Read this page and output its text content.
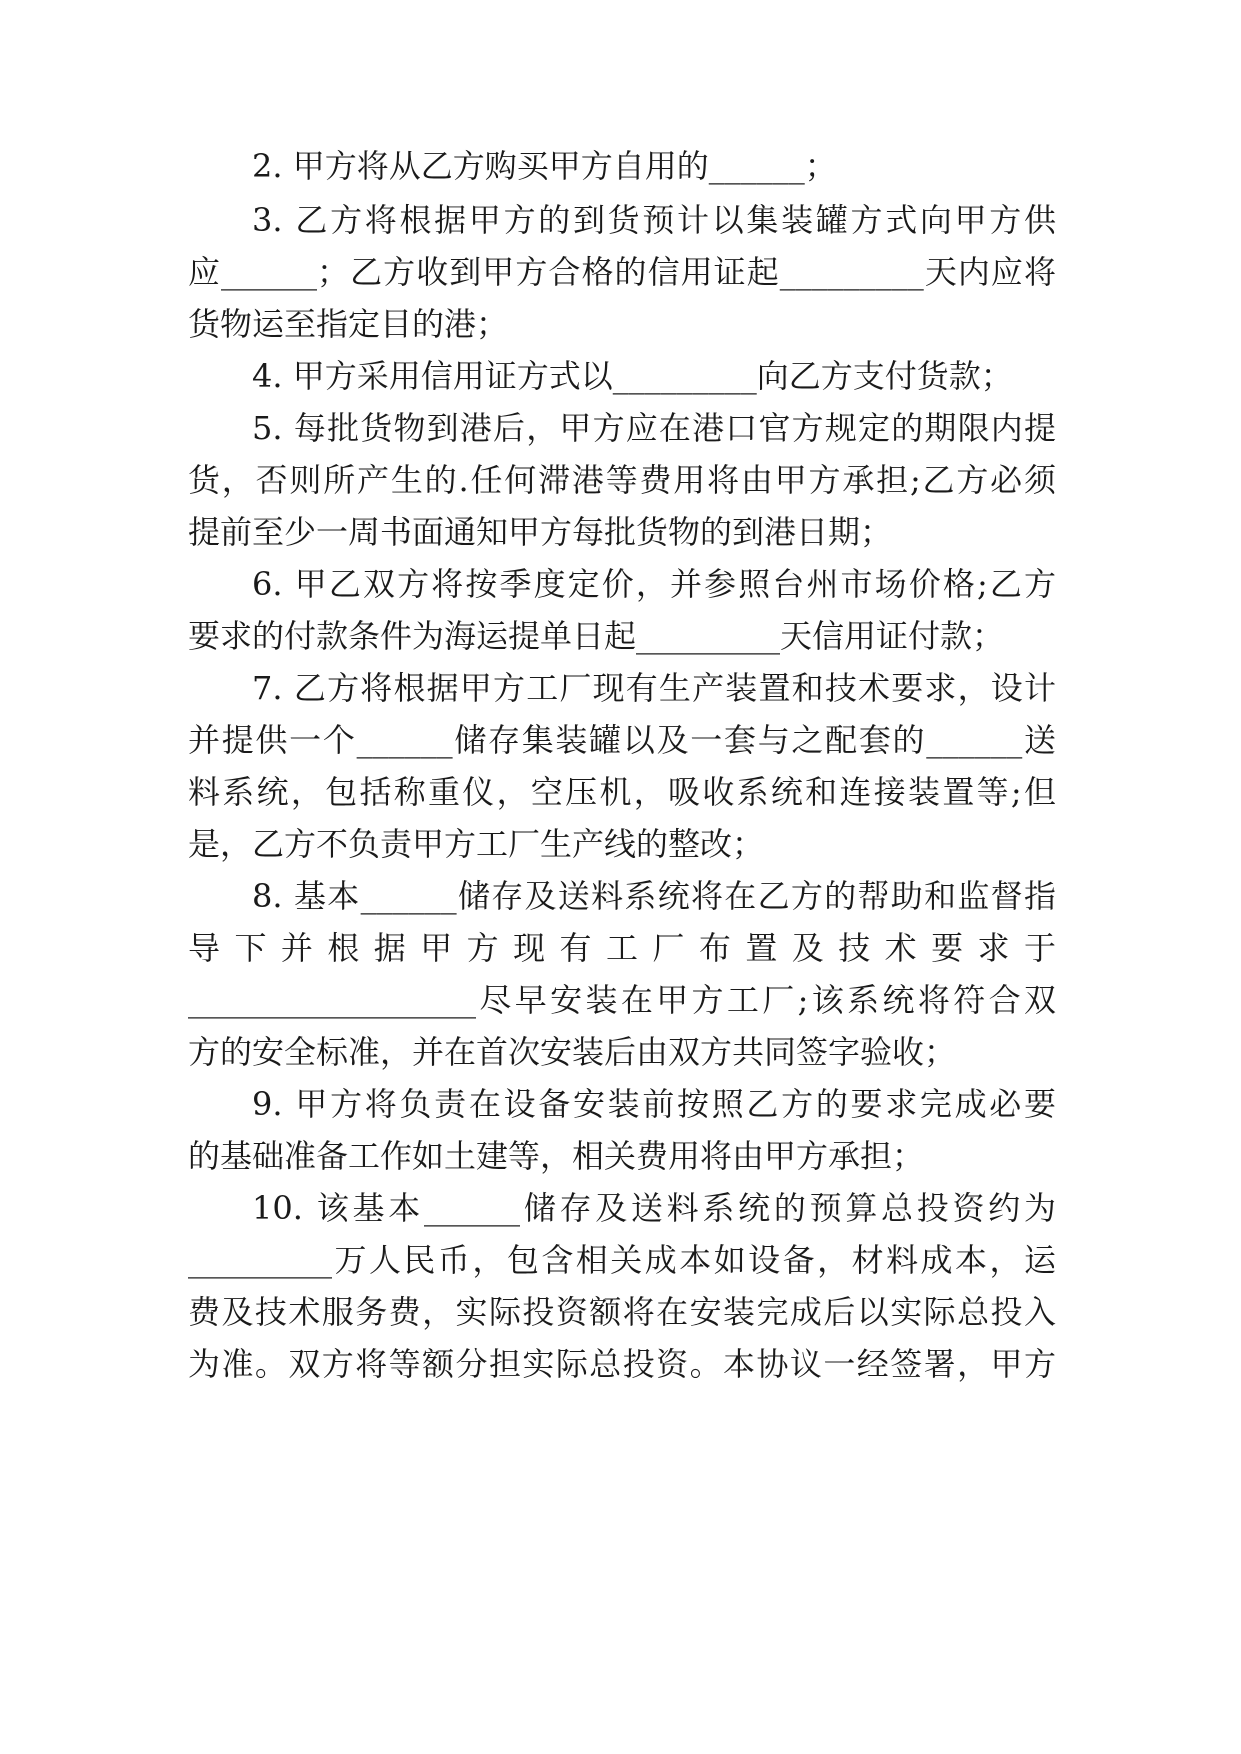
2. 甲方将从乙方购买甲方自用的______；
3. 乙方将根据甲方的到货预计以集装罐方式向甲方供
应______；乙方收到甲方合格的信用证起_________天内应将
货物运至指定目的港；
4. 甲方采用信用证方式以_________向乙方支付货款；
5. 每批货物到港后，甲方应在港口官方规定的期限内提
货，否则所产生的.任何滞港等费用将由甲方承担;乙方必须
提前至少一周书面通知甲方每批货物的到港日期；
6. 甲乙双方将按季度定价，并参照台州市场价格;乙方
要求的付款条件为海运提单日起_________天信用证付款；
7. 乙方将根据甲方工厂现有生产装置和技术要求，设计
并提供一个______储存集装罐以及一套与之配套的______送
料系统，包括称重仪，空压机，吸收系统和连接装置等;但
是，乙方不负责甲方工厂生产线的整改；
8. 基本______储存及送料系统将在乙方的帮助和监督指
导 下 并 根 据 甲 方 现 有 工 厂 布 置 及 技 术 要 求 于
__________________尽早安装在甲方工厂;该系统将符合双
方的安全标准，并在首次安装后由双方共同签字验收；
9. 甲方将负责在设备安装前按照乙方的要求完成必要
的基础准备工作如土建等，相关费用将由甲方承担；
10. 该基本______储存及送料系统的预算总投资约为
_________万人民币，包含相关成本如设备，材料成本，运
费及技术服务费，实际投资额将在安装完成后以实际总投入
为准。双方将等额分担实际总投资。本协议一经签署，甲方
